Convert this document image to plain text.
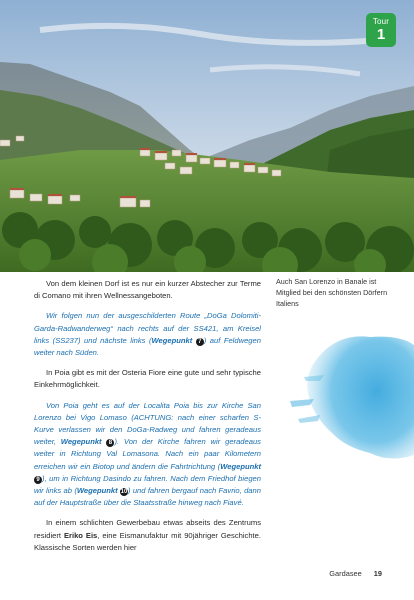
Tour
1
Auch San Lorenzo in Banale ist Mitglied bei den schönsten Dörfern Italiens

Von dem kleinen Dorf ist es nur ein kurzer Abstecher zur Terme di Comano mit ihren Wellnessangeboten.

Wir folgen nun der ausgeschilderten Route „DoGa Dolomiti-Garda-Radwanderweg“ nach rechts auf der SS421, am Kreisel links (SS237) und nächste links (Wegepunkt 7 ) auf Feldwegen weiter nach Süden.

In Poia gibt es mit der Osteria Fiore eine gute und sehr typische Einkehrmöglichkeit.

Von Poia geht es auf der Localita Poia bis zur Kirche San Lorenzo bei Vigo Lomaso (ACHTUNG: nach einer scharfen S-Kurve verlassen wir den DoGa-Radweg und fahren geradeaus weiter, Wegepunkt 8 ). Von der Kirche fahren wir geradeaus weiter in Richtung Val Lomasona. Nach ein paar Kilometern erreichen wir ein Biotop und ändern die Fahrtrichtung (Wegepunkt 9 ), um in Richtung Dasindo zu fahren. Nach dem Friedhof biegen wir links ab (Wegepunkt 10) und fahren bergauf nach Favrio, dann auf der Hauptstraße über die Staatsstraße hinweg nach Fiavé.

In einem schlichten Gewerbebau etwas abseits des Zentrums residiert Eriko Eis, eine Eismanufaktur mit 90jähriger Geschichte. Klassische Sorten werden hier

Gardasee 19
